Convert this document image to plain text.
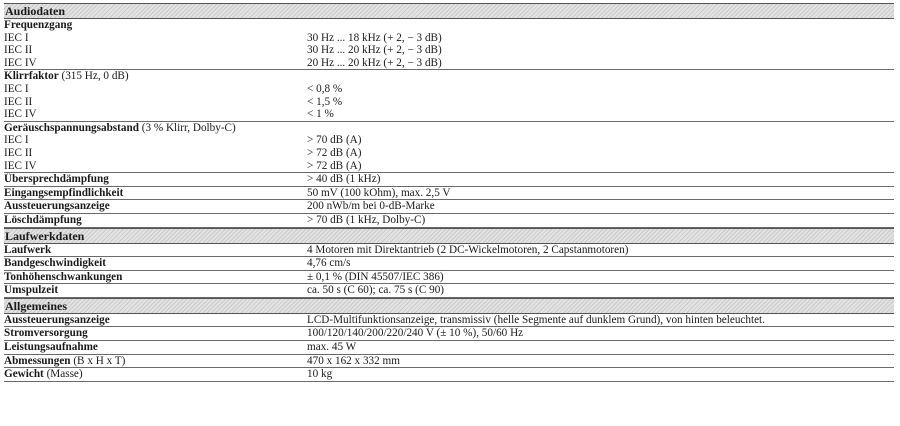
Audiodaten
Frequenzgang
IEC I	30 Hz ... 18 kHz (+ 2, − 3 dB)
IEC II	30 Hz ... 20 kHz (+ 2, − 3 dB)
IEC IV	20 Hz ... 20 kHz (+ 2, − 3 dB)
Klirrfaktor (315 Hz, 0 dB)
IEC I	< 0,8 %
IEC II	< 1,5 %
IEC IV	< 1 %
Geräuschspannungsabstand (3 % Klirr, Dolby-C)
IEC I	> 70 dB (A)
IEC II	> 72 dB (A)
IEC IV	> 72 dB (A)
Übersprechdämpfung	> 40 dB (1 kHz)
Eingangsempfindlichkeit	50 mV (100 kOhm), max. 2,5 V
Aussteuerungsanzeige	200 nWb/m bei 0-dB-Marke
Löschdämpfung	> 70 dB (1 kHz, Dolby-C)
Laufwerkdaten
Laufwerk	4 Motoren mit Direktantrieb (2 DC-Wickelmotoren, 2 Capstanmotoren)
Bandgeschwindigkeit	4,76 cm/s
Tonhöhenschwankungen	± 0,1 % (DIN 45507/IEC 386)
Umspulzeit	ca. 50 s (C 60); ca. 75 s (C 90)
Allgemeines
Aussteuerungsanzeige	LCD-Multifunktionsanzeige, transmissiv (helle Segmente auf dunklem Grund), von hinten beleuchtet.
Stromversorgung	100/120/140/200/220/240 V (± 10 %), 50/60 Hz
Leistungsaufnahme	max. 45 W
Abmessungen (B x H x T)	470 x 162 x 332 mm
Gewicht (Masse)	10 kg
